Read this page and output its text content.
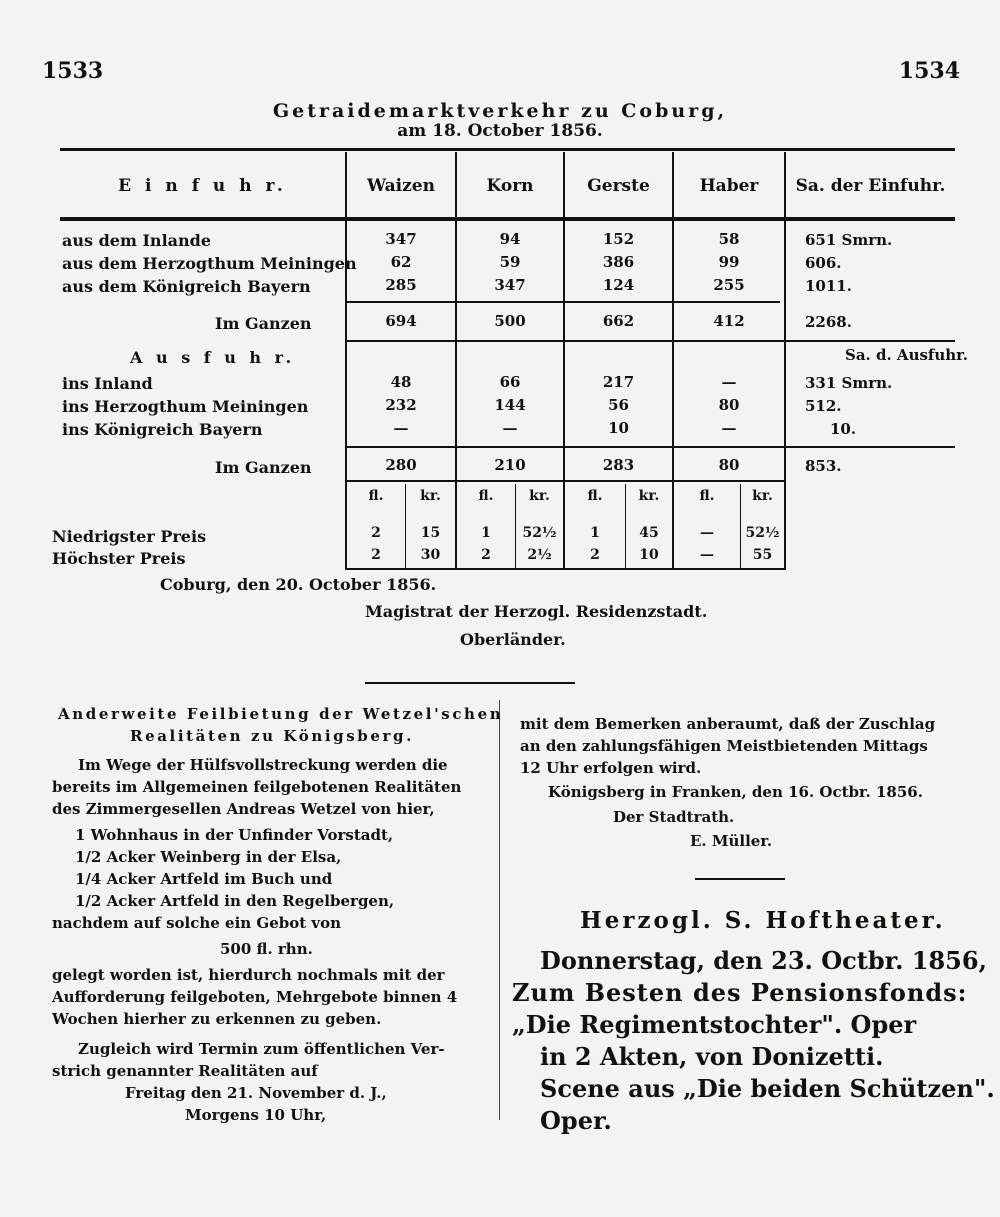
1533	1534
Getraidemarktverkehr zu Coburg,
am 18. October 1856.
E i n f u h r.	Waizen	Korn	Gerste	Haber	Sa. der Einfuhr.
aus dem Inlande	347	94	152	58	651 Smrn.
aus dem Herzogthum Meiningen	62	59	386	99	606.
aus dem Königreich Bayern	285	347	124	255	1011.
Im Ganzen	694	500	662	412	2268.
A u s f u h r.	Sa. d. Ausfuhr.
ins Inland	48	66	217	—	331 Smrn.
ins Herzogthum Meiningen	232	144	56	80	512.
ins Königreich Bayern	—	—	10	—	10.
Im Ganzen	280	210	283	80	853.
fl.	kr.	fl.	kr.	fl.	kr.	fl.	kr.
Niedrigster Preis	2	15	1	52½	1	45	—	52½
Höchster Preis	2	30	2	2½	2	10	—	55
Coburg, den 20. October 1856.
Magistrat der Herzogl. Residenzstadt.
Oberländer.
Anderweite Feilbietung der Wetzel'schen
Realitäten zu Königsberg.
Im Wege der Hülfsvollstreckung werden die
bereits im Allgemeinen feilgebotenen Realitäten
des Zimmergesellen Andreas Wetzel von hier,
1 Wohnhaus in der Unfinder Vorstadt,
1/2 Acker Weinberg in der Elsa,
1/4 Acker Artfeld im Buch und
1/2 Acker Artfeld in den Regelbergen,
nachdem auf solche ein Gebot von
500 fl. rhn.
gelegt worden ist, hierdurch nochmals mit der
Aufforderung feilgeboten, Mehrgebote binnen 4
Wochen hierher zu erkennen zu geben.
Zugleich wird Termin zum öffentlichen Ver-
strich genannter Realitäten auf
Freitag den 21. November d. J.,
Morgens 10 Uhr,
mit dem Bemerken anberaumt, daß der Zuschlag
an den zahlungsfähigen Meistbietenden Mittags
12 Uhr erfolgen wird.
Königsberg in Franken, den 16. Octbr. 1856.
Der Stadtrath.
E. Müller.
Herzogl. S. Hoftheater.
Donnerstag, den 23. Octbr. 1856,
Zum Besten des Pensionsfonds:
„Die Regimentstochter". Oper
in 2 Akten, von Donizetti.
Scene aus „Die beiden Schützen".
Oper.
